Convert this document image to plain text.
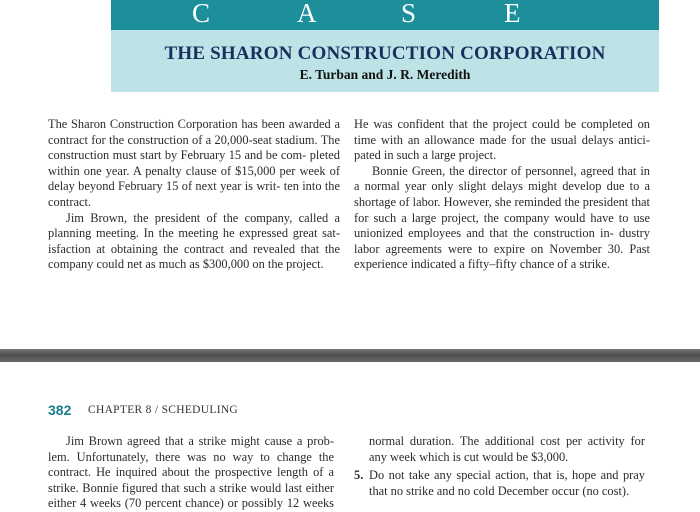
C	A	S	E
THE SHARON CONSTRUCTION CORPORATION
E. Turban and J. R. Meredith

The Sharon Construction Corporation has been awarded a contract for the construction of a 20,000-seat stadium. The construction must start by February 15 and be com- pleted within one year. A penalty clause of $15,000 per week of delay beyond February 15 of next year is writ- ten into the contract.

Jim Brown, the president of the company, called a planning meeting. In the meeting he expressed great sat- isfaction at obtaining the contract and revealed that the company could net as much as $300,000 on the project.

He was confident that the project could be completed on time with an allowance made for the usual delays antici- pated in such a large project.

Bonnie Green, the director of personnel, agreed that in a normal year only slight delays might develop due to a shortage of labor. However, she reminded the president that for such a large project, the company would have to use unionized employees and that the construction in- dustry labor agreements were to expire on November 30. Past experience indicated a fifty–fifty chance of a strike.

382 CHAPTER 8 / SCHEDULING

Jim Brown agreed that a strike might cause a prob- lem. Unfortunately, there was no way to change the contract. He inquired about the prospective length of a strike. Bonnie figured that such a strike would last either either 4 weeks (70 percent chance) or possibly 12 weeks

normal duration. The additional cost per activity for any week which is cut would be $3,000.

5. Do not take any special action, that is, hope and pray that no strike and no cold December occur (no cost).
